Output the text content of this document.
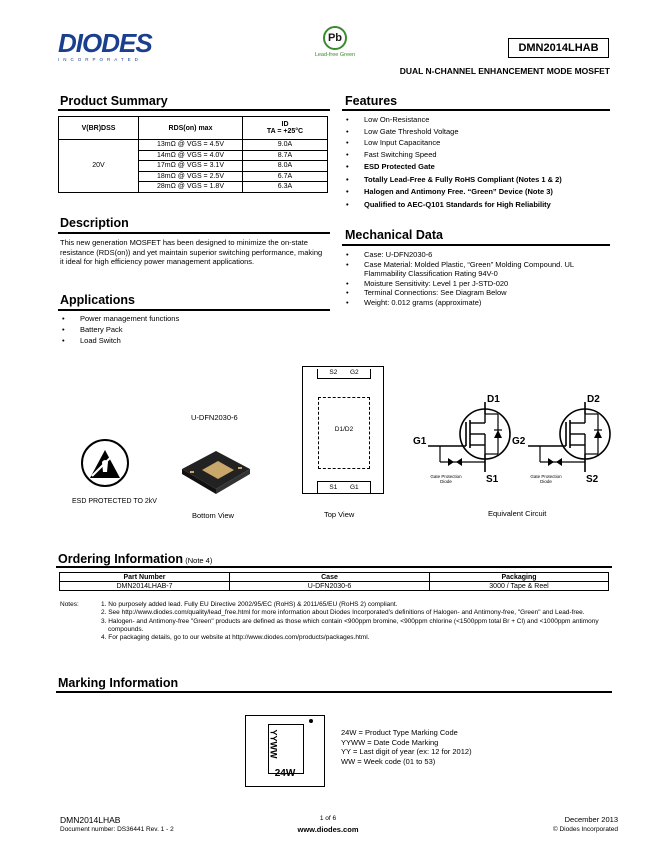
DIODES
INCORPORATED
Pb
Lead-free Green
DMN2014LHAB
DUAL N-CHANNEL ENHANCEMENT MODE MOSFET
Product Summary
V(BR)DSS	RDS(on) max	ID
TA = +25°C

20V	13mΩ @ VGS = 4.5V	9.0A
	14mΩ @ VGS = 4.0V	8.7A
	17mΩ @ VGS = 3.1V	8.0A
	18mΩ @ VGS = 2.5V	6.7A
	28mΩ @ VGS = 1.8V	6.3A
Features
• Low On-Resistance
• Low Gate Threshold Voltage
• Low Input Capacitance
• Fast Switching Speed
• ESD Protected Gate
• Totally Lead-Free & Fully RoHS Compliant (Notes 1 & 2)
• Halogen and Antimony Free. “Green” Device (Note 3)
• Qualified to AEC-Q101 Standards for High Reliability
Description
This new generation MOSFET has been designed to minimize the on-state resistance (RDS(on)) and yet maintain superior switching performance, making it ideal for high efficiency power management applications.
Mechanical Data
• Case: U-DFN2030-6
• Case Material: Molded Plastic, “Green” Molding Compound. UL Flammability Classification Rating 94V-0
• Moisture Sensitivity: Level 1 per J-STD-020
• Terminal Connections: See Diagram Below
• Weight: 0.012 grams (approximate)
Applications
• Power management functions
• Battery Pack
• Load Switch
ESD PROTECTED TO 2kV
U-DFN2030-6
Bottom View
S2 G2
D1/D2
S1 G1
Top View
D1	D2
G1	G2
S1	S2
Gate Protection
Diode
Gate Protection
Diode
Equivalent Circuit
Ordering Information (Note 4)
Part Number	Case	Packaging
DMN2014LHAB-7	U-DFN2030-6	3000 / Tape & Reel
Notes:	1. No purposely added lead. Fully EU Directive 2002/95/EC (RoHS) & 2011/65/EU (RoHS 2) compliant.
2. See http://www.diodes.com/quality/lead_free.html for more information about Diodes Incorporated’s definitions of Halogen- and Antimony-free, "Green" and Lead-free.
3. Halogen- and Antimony-free "Green" products are defined as those which contain <900ppm bromine, <900ppm chlorine (<1500ppm total Br + Cl) and <1000ppm antimony compounds.
4. For packaging details, go to our website at http://www.diodes.com/products/packages.html.
Marking Information
YYWW
24W
24W = Product Type Marking Code
YYWW = Date Code Marking
YY = Last digit of year (ex: 12 for 2012)
WW = Week code (01 to 53)
DMN2014LHAB
Document number: DS36441 Rev. 1 - 2
1 of 6
www.diodes.com
December 2013
© Diodes Incorporated
